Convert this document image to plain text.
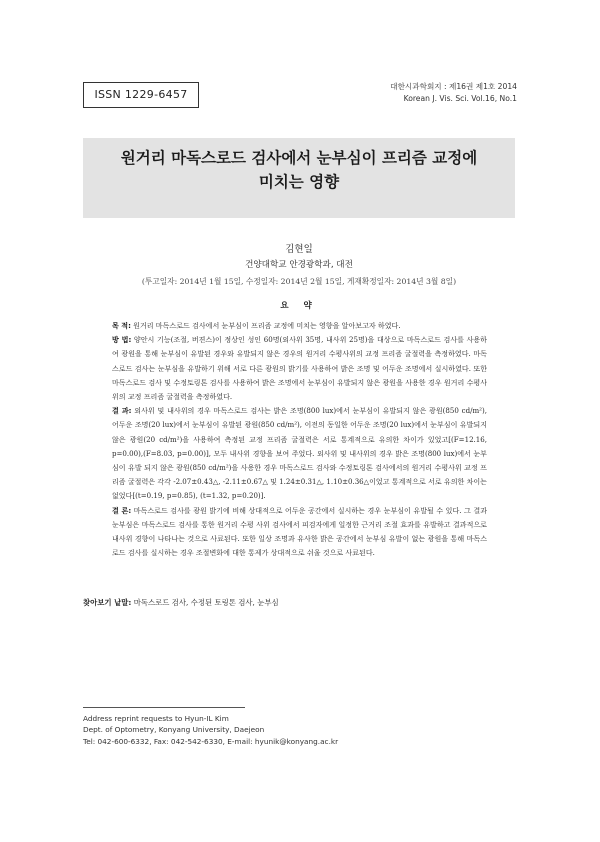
ISSN 1229-6457
대한시과학회지 : 제16권 제1호 2014
Korean J. Vis. Sci. Vol.16, No.1
원거리 마독스로드 검사에서 눈부심이 프리즘 교정에
미치는 영향
김현일
건양대학교 안경광학과, 대전
(투고일자: 2014년 1월 15일, 수정일자: 2014년 2월 15일, 게재확정일자: 2014년 3월 8일)
요 약

목 적: 원거리 마독스로드 검사에서 눈부심이 프리즘 교정에 미치는 영향을 알아보고자 하였다.

방 법: 양안시 기능(조절, 버젼스)이 정상인 성인 60명(외사위 35명, 내사위 25명)을 대상으로 마독스로드 검사를 사용하여 광원을 통해 눈부심이 유발된 경우와 유발되지 않은 경우의 원거리 수평사위의 교정 프리즘 굴절력을 측정하였다. 마독스로드 검사는 눈부심을 유발하기 위해 서로 다른 광원의 밝기를 사용하여 밝은 조명 및 어두운 조명에서 실시하였다. 또한 마독스로드 검사 및 수정토링톤 검사를 사용하여 밝은 조명에서 눈부심이 유발되지 않은 광원을 사용한 경우 원거리 수평사위의 교정 프리즘 굴절력을 측정하였다.

결 과: 외사위 및 내사위의 경우 마독스로드 검사는 밝은 조명(800 lux)에서 눈부심이 유발되지 않은 광원(850 cd/m²), 어두운 조명(20 lux)에서 눈부심이 유발된 광원(850 cd/m²), 이전의 동일한 어두운 조명(20 lux)에서 눈부심이 유발되지 않은 광원(20 cd/m²)을 사용하여 측정된 교정 프리즘 굴절력은 서로 통계적으로 유의한 차이가 있었고[(F=12.16, p=0.00),(F=8.03, p=0.00)], 모두 내사위 경향을 보여 주었다. 외사위 및 내사위의 경우 밝은 조명(800 lux)에서 눈부심이 유발 되지 않은 광원(850 cd/m²)을 사용한 경우 마독스로드 검사와 수정토링톤 검사에서의 원거리 수평사위 교정 프리즘 굴절력은 각각 -2.07±0.43△, -2.11±0.67△ 및 1.24±0.31△, 1.10±0.36△이었고 통계적으로 서로 유의한 차이는 없었다[(t=0.19, p=0.85), (t=1.32, p=0.20)].

결 론: 마독스로드 검사를 광원 밝기에 비해 상대적으로 어두운 공간에서 실시하는 경우 눈부심이 유발될 수 있다. 그 결과 눈부심은 마독스로드 검사를 통한 원거리 수평 사위 검사에서 피검자에게 일정한 근거리 조절 효과를 유발하고 결과적으로 내사위 경향이 나타나는 것으로 사료된다. 또한 일상 조명과 유사한 밝은 공간에서 눈부심 유발이 없는 광원을 통해 마독스로드 검사를 실시하는 경우 조절변화에 대한 통제가 상대적으로 쉬울 것으로 사료된다.

찾아보기 낱말: 마독스로드 검사, 수정된 토링톤 검사, 눈부심
Address reprint requests to Hyun-IL Kim
Dept. of Optometry, Konyang University, Daejeon
Tel: 042-600-6332, Fax: 042-542-6330, E-mail: hyunik@konyang.ac.kr
